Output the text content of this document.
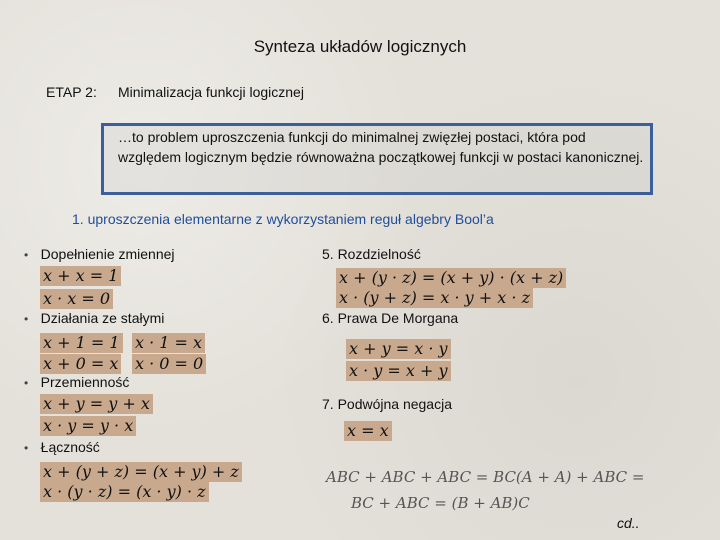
Synteza układów logicznych
ETAP 2: Minimalizacja funkcji logicznej
…to problem uproszczenia funkcji do minimalnej zwięzłej postaci, która pod względem logicznym będzie równoważna początkowej funkcji w postaci kanonicznej.
1. uproszczenia elementarne z wykorzystaniem reguł algebry Bool’a
• Dopełnienie zmiennej
x + x = 1
x · x = 0
• Działania ze stałymi
x + 1 = 1
x + 0 = x
x · 1 = x
x · 0 = 0
• Przemienność
x + y = y + x
x · y = y · x
• Łączność
x + (y + z) = (x + y) + z
x · (y · z) = (x · y) · z
5. Rozdzielność
x + (y · z) = (x + y) · (x + z)
x · (y + z) = x · y + x · z
6. Prawa De Morgana
x + y = x · y
x · y = x + y
7. Podwójna negacja
x = x
ABC + ABC + ABC = BC(A + A) + ABC =
BC + ABC = (B + AB)C
cd..
